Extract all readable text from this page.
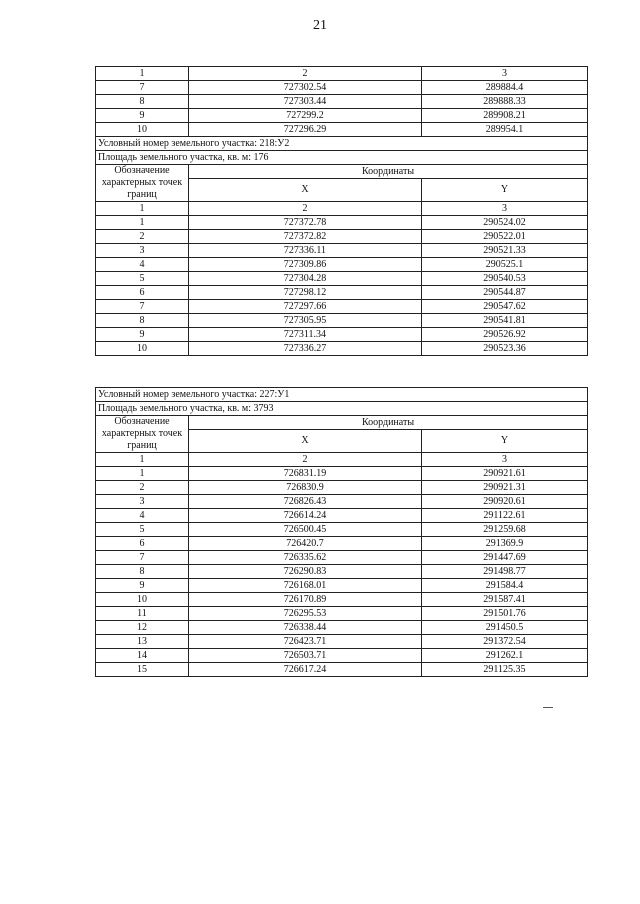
21
1	2	3
7	727302.54	289884.4
8	727303.44	289888.33
9	727299.2	289908.21
10	727296.29	289954.1
Условный номер земельного участка: 218:У2		
Площадь земельного участка, кв. м: 176		
Обозначение характерных точек границ	Координаты	
	X	Y
1	2	3
1	727372.78	290524.02
2	727372.82	290522.01
3	727336.11	290521.33
4	727309.86	290525.1
5	727304.28	290540.53
6	727298.12	290544.87
7	727297.66	290547.62
8	727305.95	290541.81
9	727311.34	290526.92
10	727336.27	290523.36
Условный номер земельного участка: 227:У1		
Площадь земельного участка, кв. м: 3793		
Обозначение характерных точек границ	Координаты	
	X	Y
1	2	3
1	726831.19	290921.61
2	726830.9	290921.31
3	726826.43	290920.61
4	726614.24	291122.61
5	726500.45	291259.68
6	726420.7	291369.9
7	726335.62	291447.69
8	726290.83	291498.77
9	726168.01	291584.4
10	726170.89	291587.41
11	726295.53	291501.76
12	726338.44	291450.5
13	726423.71	291372.54
14	726503.71	291262.1
15	726617.24	291125.35
